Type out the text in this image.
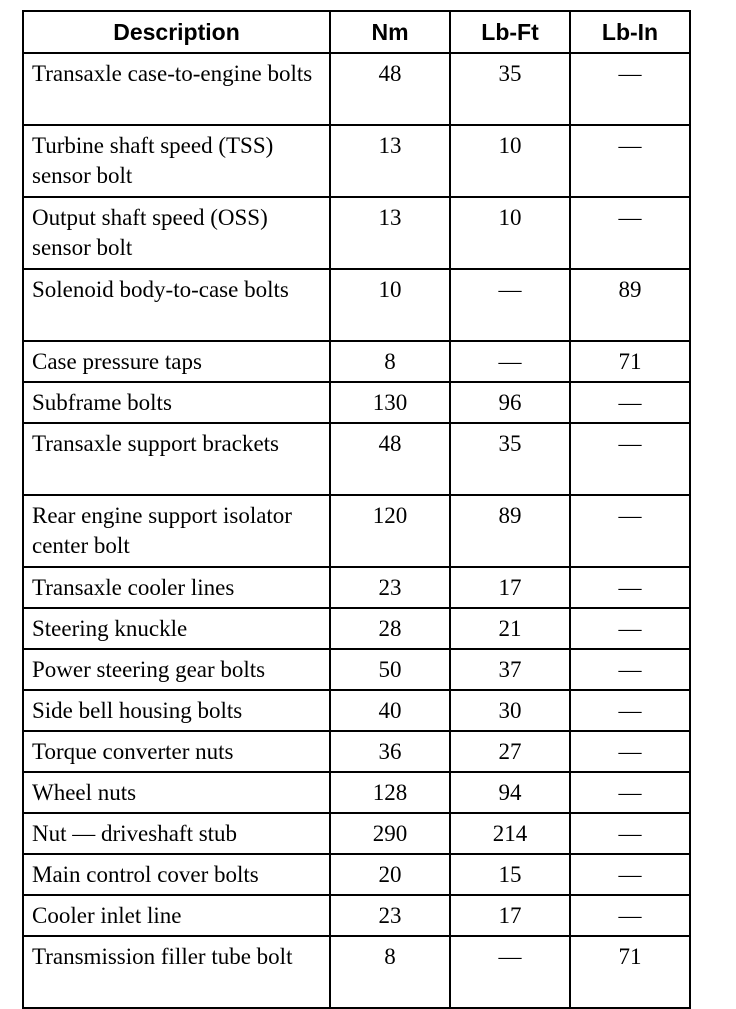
Description	Nm	Lb-Ft	Lb-In
Transaxle case-to-engine bolts	48	35	—
Turbine shaft speed (TSS) sensor bolt	13	10	—
Output shaft speed (OSS) sensor bolt	13	10	—
Solenoid body-to-case bolts	10	—	89
Case pressure taps	8	—	71
Subframe bolts	130	96	—
Transaxle support brackets	48	35	—
Rear engine support isolator center bolt	120	89	—
Transaxle cooler lines	23	17	—
Steering knuckle	28	21	—
Power steering gear bolts	50	37	—
Side bell housing bolts	40	30	—
Torque converter nuts	36	27	—
Wheel nuts	128	94	—
Nut — driveshaft stub	290	214	—
Main control cover bolts	20	15	—
Cooler inlet line	23	17	—
Transmission filler tube bolt	8	—	71
